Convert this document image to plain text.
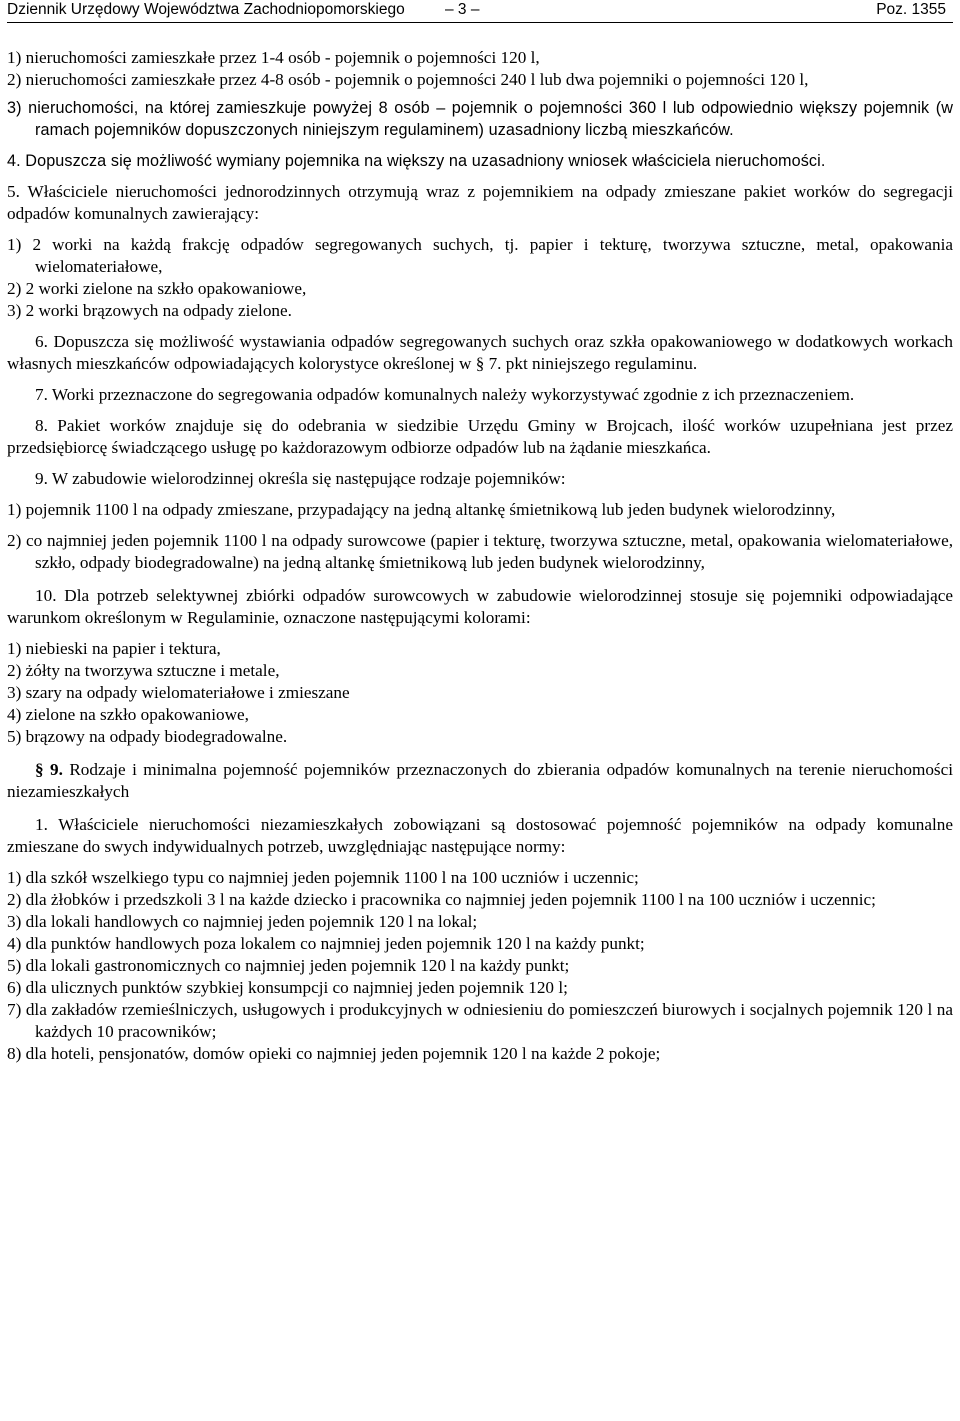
Dziennik Urzędowy Województwa Zachodniopomorskiego	– 3 –	Poz. 1355

1) nieruchomości zamieszkałe przez 1-4 osób - pojemnik o pojemności 120 l,

2) nieruchomości zamieszkałe przez 4-8 osób - pojemnik o pojemności 240 l lub dwa pojemniki o pojemności 120 l,

3) nieruchomości, na której zamieszkuje powyżej 8 osób – pojemnik o pojemności 360 l lub odpowiednio większy pojemnik (w ramach pojemników dopuszczonych niniejszym regulaminem) uzasadniony liczbą mieszkańców.

4. Dopuszcza się możliwość wymiany pojemnika na większy na uzasadniony wniosek właściciela nieruchomości.

5. Właściciele nieruchomości jednorodzinnych otrzymują wraz z pojemnikiem na odpady zmieszane pakiet worków do segregacji odpadów komunalnych zawierający:

1) 2 worki na każdą frakcję odpadów segregowanych suchych, tj. papier i tekturę, tworzywa sztuczne, metal, opakowania wielomateriałowe,

2) 2 worki zielone na szkło opakowaniowe,

3) 2 worki brązowych na odpady zielone.

6. Dopuszcza się możliwość wystawiania odpadów segregowanych suchych oraz szkła opakowaniowego w dodatkowych workach własnych mieszkańców odpowiadających kolorystyce określonej w § 7. pkt niniejszego regulaminu.

7. Worki przeznaczone do segregowania odpadów komunalnych należy wykorzystywać zgodnie z ich przeznaczeniem.

8. Pakiet worków znajduje się do odebrania w siedzibie Urzędu Gminy w Brojcach, ilość worków uzupełniana jest przez przedsiębiorcę świadczącego usługę po każdorazowym odbiorze odpadów lub na żądanie mieszkańca.

9. W zabudowie wielorodzinnej określa się następujące rodzaje pojemników:

1) pojemnik 1100 l na odpady zmieszane, przypadający na jedną altankę śmietnikową lub jeden budynek wielorodzinny,

2) co najmniej jeden pojemnik 1100 l na odpady surowcowe (papier i tekturę, tworzywa sztuczne, metal, opakowania wielomateriałowe, szkło, odpady biodegradowalne) na jedną altankę śmietnikową lub jeden budynek wielorodzinny,

10. Dla potrzeb selektywnej zbiórki odpadów surowcowych w zabudowie wielorodzinnej stosuje się pojemniki odpowiadające warunkom określonym w Regulaminie, oznaczone następującymi kolorami:

1) niebieski na papier i tektura,

2) żółty na tworzywa sztuczne i metale,

3) szary na odpady wielomateriałowe i zmieszane

4) zielone na szkło opakowaniowe,

5) brązowy na odpady biodegradowalne.

§ 9. Rodzaje i minimalna pojemność pojemników przeznaczonych do zbierania odpadów komunalnych na terenie nieruchomości niezamieszkałych

1. Właściciele nieruchomości niezamieszkałych zobowiązani są dostosować pojemność pojemników na odpady komunalne zmieszane do swych indywidualnych potrzeb, uwzględniając następujące normy:

1) dla szkół wszelkiego typu co najmniej jeden pojemnik 1100 l na 100 uczniów i uczennic;

2) dla żłobków i przedszkoli 3 l na każde dziecko i pracownika co najmniej jeden pojemnik 1100 l na 100 uczniów i uczennic;

3) dla lokali handlowych co najmniej jeden pojemnik 120 l na lokal;

4) dla punktów handlowych poza lokalem co najmniej jeden pojemnik 120 l na każdy punkt;

5) dla lokali gastronomicznych co najmniej jeden pojemnik 120 l na każdy punkt;

6) dla ulicznych punktów szybkiej konsumpcji co najmniej jeden pojemnik 120 l;

7) dla zakładów rzemieślniczych, usługowych i produkcyjnych w odniesieniu do pomieszczeń biurowych i socjalnych pojemnik 120 l na każdych 10 pracowników;

8) dla hoteli, pensjonatów, domów opieki co najmniej jeden pojemnik 120 l na każde 2 pokoje;
